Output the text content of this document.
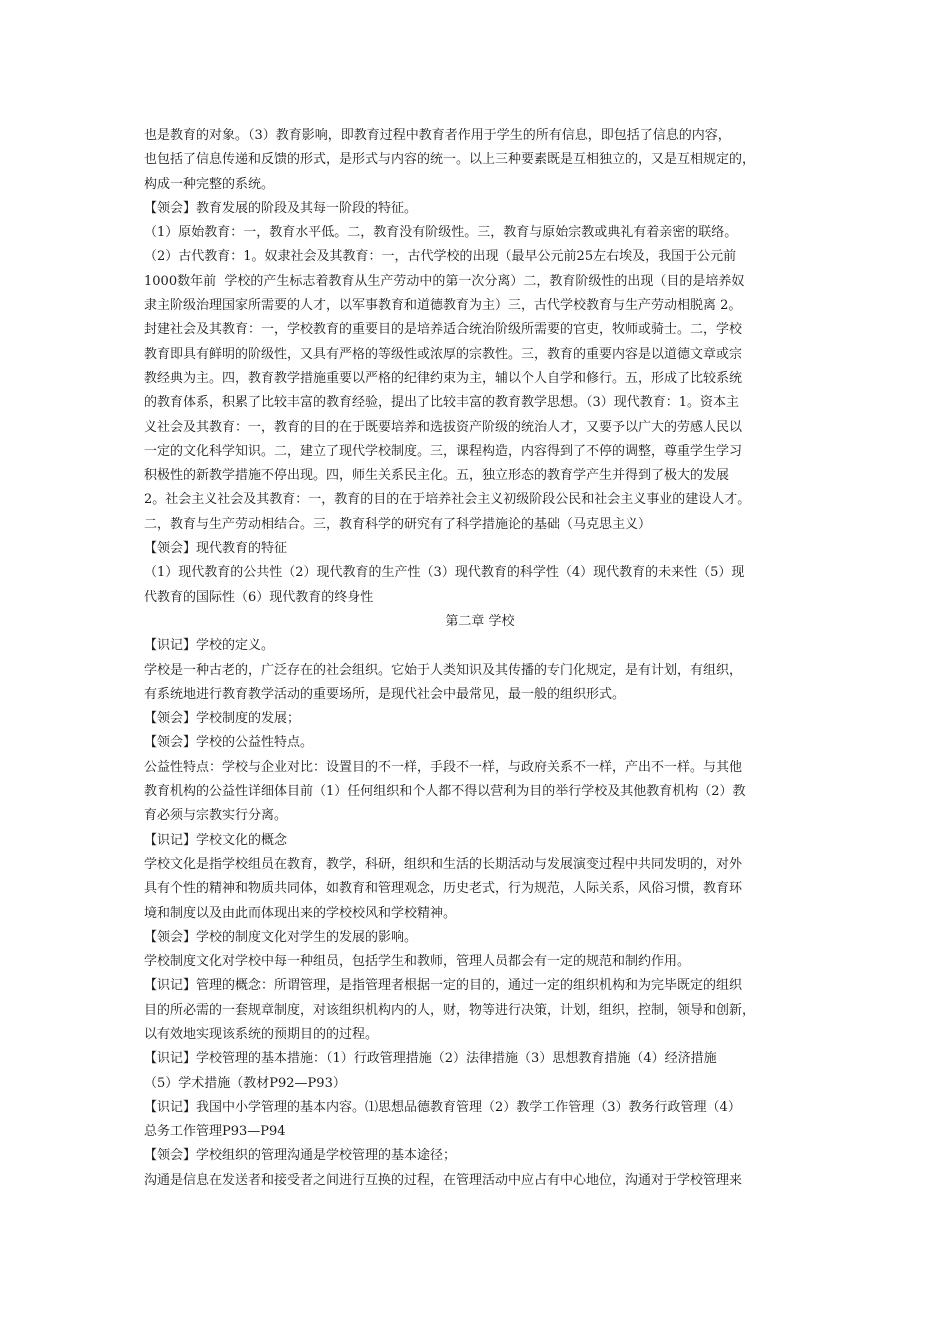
也是教育的对象。（3）教育影响，即教育过程中教育者作用于学生的所有信息，即包括了信息的内容，
也包括了信息传递和反馈的形式，是形式与内容的统一。以上三种要素既是互相独立的，又是互相规定的，
构成一种完整的系统。
【领会】教育发展的阶段及其每一阶段的特征。
（1）原始教育：一，教育水平低。二，教育没有阶级性。三，教育与原始宗教或典礼有着亲密的联络。
（2）古代教育：1。奴隶社会及其教育：一，古代学校的出现（最早公元前25左右埃及，我国于公元前
1000数年前  学校的产生标志着教育从生产劳动中的第一次分离）二，教育阶级性的出现（目的是培养奴
隶主阶级治理国家所需要的人才，以军事教育和道德教育为主）三，古代学校教育与生产劳动相脱离 2。
封建社会及其教育：一，学校教育的重要目的是培养适合统治阶级所需要的官吏，牧师或骑士。二，学校
教育即具有鲜明的阶级性，又具有严格的等级性或浓厚的宗教性。三，教育的重要内容是以道德文章或宗
教经典为主。四，教育教学措施重要以严格的纪律约束为主，辅以个人自学和修行。五，形成了比较系统
的教育体系，积累了比较丰富的教育经验，提出了比较丰富的教育教学思想。（3）现代教育：1。资本主
义社会及其教育：一，教育的目的在于既要培养和选拔资产阶级的统治人才，又要予以广大的劳感人民以
一定的文化科学知识。二，建立了现代学校制度。三，课程构造，内容得到了不停的调整，尊重学生学习
积极性的新教学措施不停出现。四，师生关系民主化。五，独立形态的教育学产生并得到了极大的发展
2。社会主义社会及其教育：一，教育的目的在于培养社会主义初级阶段公民和社会主义事业的建设人才。
二，教育与生产劳动相结合。三，教育科学的研究有了科学措施论的基础（马克思主义）
【领会】现代教育的特征
（1）现代教育的公共性（2）现代教育的生产性（3）现代教育的科学性（4）现代教育的未来性（5）现
代教育的国际性（6）现代教育的终身性
第二章 学校
【识记】学校的定义。
学校是一种古老的，广泛存在的社会组织。它始于人类知识及其传播的专门化规定，是有计划，有组织，
有系统地进行教育教学活动的重要场所，是现代社会中最常见，最一般的组织形式。
【领会】学校制度的发展；
【领会】学校的公益性特点。
公益性特点：学校与企业对比：设置目的不一样，手段不一样，与政府关系不一样，产出不一样。与其他
教育机构的公益性详细体目前（1）任何组织和个人都不得以营利为目的举行学校及其他教育机构（2）教
育必须与宗教实行分离。
【识记】学校文化的概念
学校文化是指学校组员在教育，教学，科研，组织和生活的长期活动与发展演变过程中共同发明的，对外
具有个性的精神和物质共同体，如教育和管理观念，历史老式，行为规范，人际关系，风俗习惯，教育环
境和制度以及由此而体现出来的学校校风和学校精神。
【领会】学校的制度文化对学生的发展的影响。
学校制度文化对学校中每一种组员，包括学生和教师，管理人员都会有一定的规范和制约作用。
【识记】管理的概念：所谓管理，是指管理者根据一定的目的，通过一定的组织机构和为完毕既定的组织
目的所必需的一套规章制度，对该组织机构内的人，财，物等进行决策，计划，组织，控制，领导和创新，
以有效地实现该系统的预期目的的过程。
【识记】学校管理的基本措施：（1）行政管理措施（2）法律措施（3）思想教育措施（4）经济措施
（5）学术措施（教材P92—P93）
【识记】我国中小学管理的基本内容。⑴思想品德教育管理（2）教学工作管理（3）教务行政管理（4）
总务工作管理P93—P94
【领会】学校组织的管理沟通是学校管理的基本途径；
沟通是信息在发送者和接受者之间进行互换的过程，在管理活动中应占有中心地位，沟通对于学校管理来
